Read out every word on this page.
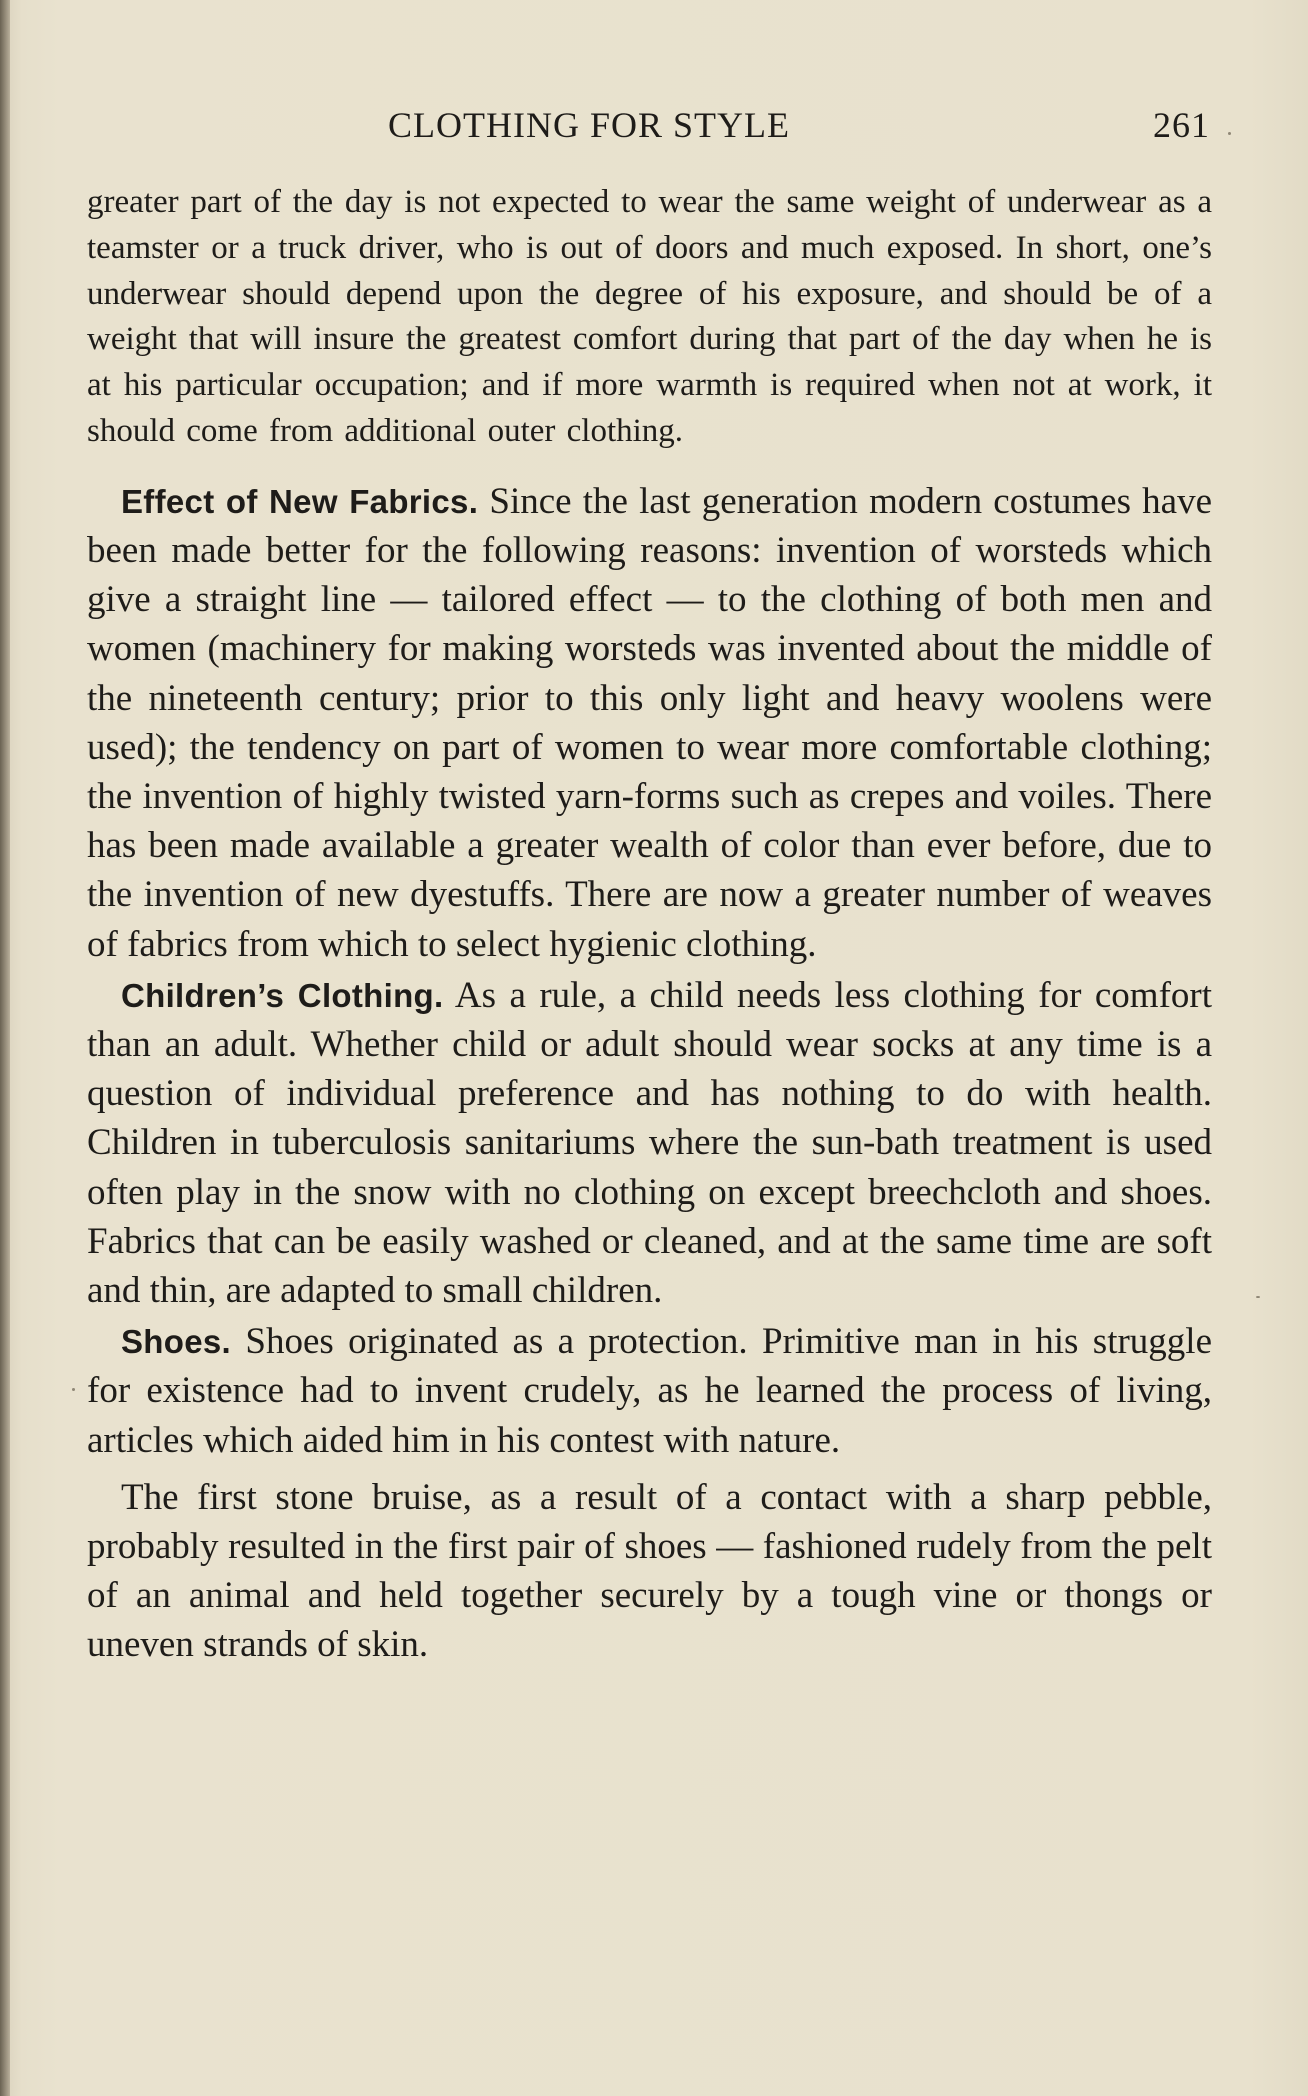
CLOTHING FOR STYLE	261

greater part of the day is not expected to wear the same weight of underwear as a teamster or a truck driver, who is out of doors and much exposed. In short, one’s underwear should depend upon the degree of his exposure, and should be of a weight that will insure the greatest comfort during that part of the day when he is at his particular occupation; and if more warmth is required when not at work, it should come from additional outer clothing.

Effect of New Fabrics. Since the last generation modern costumes have been made better for the following reasons: invention of worsteds which give a straight line — tailored effect — to the clothing of both men and women (machinery for making worsteds was invented about the middle of the nineteenth century; prior to this only light and heavy woolens were used); the tendency on part of women to wear more comfortable clothing; the invention of highly twisted yarn-forms such as crepes and voiles. There has been made available a greater wealth of color than ever before, due to the invention of new dyestuffs. There are now a greater number of weaves of fabrics from which to select hygienic clothing.

Children’s Clothing. As a rule, a child needs less clothing for comfort than an adult. Whether child or adult should wear socks at any time is a question of individual preference and has nothing to do with health. Children in tuberculosis sanitariums where the sun-bath treatment is used often play in the snow with no clothing on except breechcloth and shoes. Fabrics that can be easily washed or cleaned, and at the same time are soft and thin, are adapted to small children.

Shoes. Shoes originated as a protection. Primitive man in his struggle for existence had to invent crudely, as he learned the process of living, articles which aided him in his contest with nature.

The first stone bruise, as a result of a contact with a sharp pebble, probably resulted in the first pair of shoes — fashioned rudely from the pelt of an animal and held together securely by a tough vine or thongs or uneven strands of skin.
